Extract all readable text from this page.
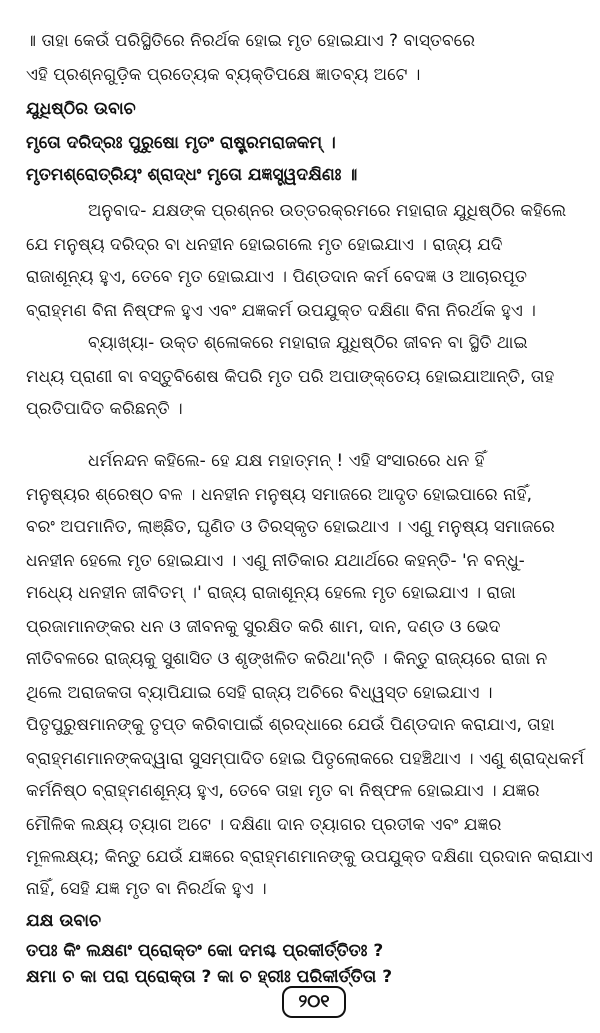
॥ ତାହା କେଉଁ ପରିସ୍ଥିତିରେ ନିରର୍ଥକ ହୋଇ ମୃତ ହୋଇଯାଏ ? ବାସ୍ତବରେ
ଏହି ପ୍ରଶ୍ନଗୁଡ଼ିକ ପ୍ରତ୍ୟେକ ବ୍ୟକ୍ତିପକ୍ଷେ ଜ୍ଞାତବ୍ୟ ଅଟେ ।
ଯୁଧିଷ୍ଠିର ଉବାଚ
ମୃତୋ ଦରିଦ୍ରଃ ପୁରୁଷୋ ମୃତଂ ରାଷ୍ଟ୍ରମରାଜକମ୍ ।
ମୃତମଶ୍ରୋତ୍ରିୟଂ ଶ୍ରାଦ୍ଧଂ ମୃତୋ ଯଜ୍ଞସ୍ତ୍ୱଦକ୍ଷିଣଃ ॥
ଅନୁବାଦ- ଯକ୍ଷଙ୍କ ପ୍ରଶ୍ନର ଉତ୍ତରକ୍ରମରେ ମହାରାଜ ଯୁଧିଷ୍ଠିର କହିଲେ
ଯେ ମନୁଷ୍ୟ ଦରିଦ୍ର ବା ଧନହୀନ ହୋଇଗଲେ ମୃତ ହୋଇଯାଏ । ରାଜ୍ୟ ଯଦି
ରାଜାଶୂନ୍ୟ ହୁଏ, ତେବେ ମୃତ ହୋଇଯାଏ । ପିଣ୍ଡଦାନ କର୍ମ ବେଦଜ୍ଞ ଓ ଆଚାରପୂତ
ବ୍ରାହ୍ମଣ ବିନା ନିଷ୍ଫଳ ହୁଏ ଏବଂ ଯଜ୍ଞକର୍ମ ଉପଯୁକ୍ତ ଦକ୍ଷିଣା ବିନା ନିରର୍ଥକ ହୁଏ ।
ବ୍ୟାଖ୍ୟା- ଉକ୍ତ ଶ୍ଳୋକରେ ମହାରାଜ ଯୁଧିଷ୍ଠିର ଜୀବନ ବା ସ୍ଥିତି ଥାଇ
ମଧ୍ୟ ପ୍ରାଣୀ ବା ବସ୍ତୁବିଶେଷ କିପରି ମୃତ ପରି ଅପାଙ୍‌କ୍ତେୟ ହୋଇଯାଆନ୍ତି, ତାହ
ପ୍ରତିପାଦିତ କରିଛନ୍ତି ।
ଧର୍ମନନ୍ଦନ କହିଲେ- ହେ ଯକ୍ଷ ମହାତ୍ମନ୍ ! ଏହି ସଂସାରରେ ଧନ ହିଁ
ମନୁଷ୍ୟର ଶ୍ରେଷ୍ଠ ବଳ । ଧନହୀନ ମନୁଷ୍ୟ ସମାଜରେ ଆଦୃତ ହୋଇପାରେ ନାହିଁ,
ବରଂ ଅପମାନିତ, ଲାଞ୍ଛିତ, ଘୃଣିତ ଓ ତିରସ୍କୃତ ହୋଇଥାଏ । ଏଣୁ ମନୁଷ୍ୟ ସମାଜରେ
ଧନହୀନ ହେଲେ ମୃତ ହୋଇଯାଏ । ଏଣୁ ନୀତିକାର ଯଥାର୍ଥରେ କହନ୍ତି- 'ନ ବନ୍ଧୁ-
ମଧ୍ୟେ ଧନହୀନ ଜୀବିତମ୍ ।' ରାଜ୍ୟ ରାଜାଶୂନ୍ୟ ହେଲେ ମୃତ ହୋଇଯାଏ । ରାଜା
ପ୍ରଜାମାନଙ୍କର ଧନ ଓ ଜୀବନକୁ ସୁରକ୍ଷିତ କରି ଶାମ, ଦାନ, ଦଣ୍ଡ ଓ ଭେଦ
ନୀତିବଳରେ ରାଜ୍ୟକୁ ସୁଶାସିତ ଓ ଶୃଙ୍ଖଳିତ କରିଥା'ନ୍ତି । କିନ୍ତୁ ରାଜ୍ୟରେ ରାଜା ନ
ଥିଲେ ଅରାଜକତା ବ୍ୟାପିଯାଇ ସେହି ରାଜ୍ୟ ଅଚିରେ ବିଧ୍ୱସ୍ତ ହୋଇଯାଏ ।
ପିତୃପୁରୁଷମାନଙ୍କୁ ତୃପ୍ତ କରିବାପାଇଁ ଶ୍ରଦ୍ଧାରେ ଯେଉଁ ପିଣ୍ଡଦାନ କରାଯାଏ, ତାହା
ବ୍ରାହ୍ମଣମାନଙ୍କଦ୍ୱାରା ସୁସମ୍ପାଦିତ ହୋଇ ପିତୃଲୋକରେ ପହଞ୍ଚିଥାଏ । ଏଣୁ ଶ୍ରାଦ୍ଧକର୍ମ
କର୍ମନିଷ୍ଠ ବ୍ରାହ୍ମଣଶୂନ୍ୟ ହୁଏ, ତେବେ ତାହା ମୃତ ବା ନିଷ୍ଫଳ ହୋଇଯାଏ । ଯଜ୍ଞର
ମୌଳିକ ଲକ୍ଷ୍ୟ ତ୍ୟାଗ ଅଟେ । ଦକ୍ଷିଣା ଦାନ ତ୍ୟାଗର ପ୍ରତୀକ ଏବଂ ଯଜ୍ଞର
ମୂଳଲକ୍ଷ୍ୟ; କିନ୍ତୁ ଯେଉଁ ଯଜ୍ଞରେ ବ୍ରାହ୍ମଣମାନଙ୍କୁ ଉପଯୁକ୍ତ ଦକ୍ଷିଣା ପ୍ରଦାନ କରାଯାଏ
ନାହିଁ, ସେହି ଯଜ୍ଞ ମୃତ ବା ନିରର୍ଥକ ହୁଏ ।
ଯକ୍ଷ ଉବାଚ
ତପଃ କିଂ ଲକ୍ଷଣଂ ପ୍ରୋକ୍ତଂ କୋ ଦମଶ୍ଚ ପ୍ରକୀର୍ତ୍ତିତଃ ?
କ୍ଷମା ଚ କା ପରା ପ୍ରୋକ୍ତା ? କା ଚ ହ୍ରୀଃ ପରିକୀର୍ତ୍ତିତା ?
୨୦୧
